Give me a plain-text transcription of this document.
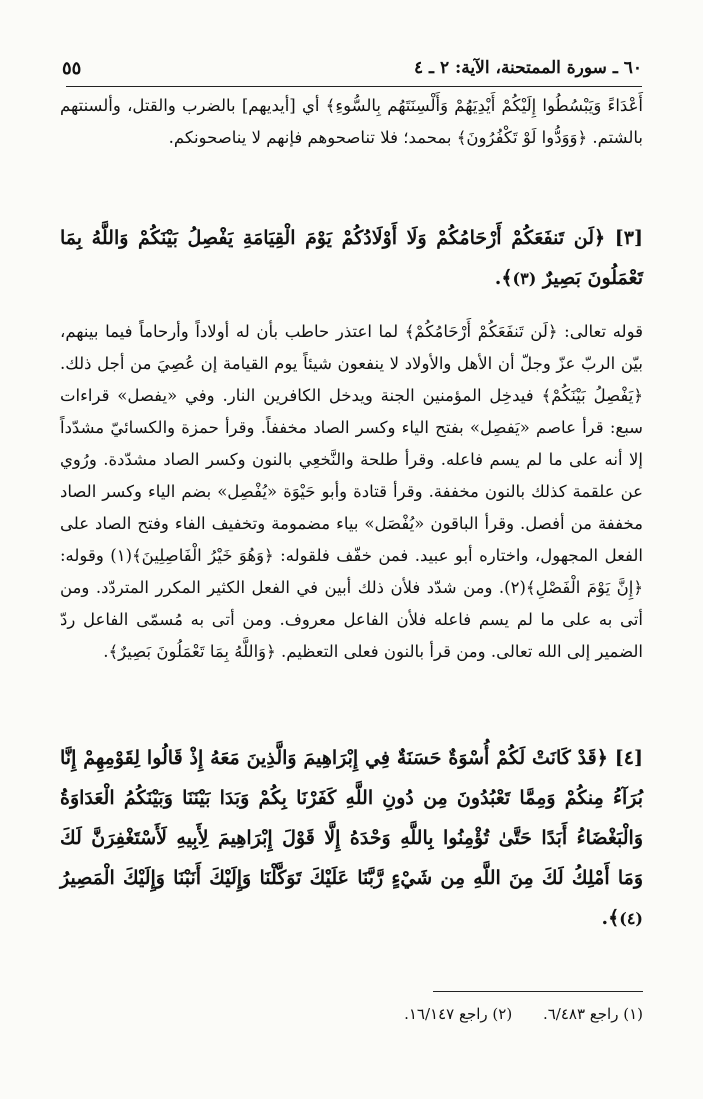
٦٠ ـ سورة الممتحنة، الآية: ٢ ـ ٤
٥٥

أَعْدَاءً وَيَبْسُطُوا إِلَيْكُمْ أَيْدِيَهُمْ وَأَلْسِنَتَهُم بِالسُّوءِ﴾ أي [أيديهم] بالضرب والقتل، وألسنتهم بالشتم. ﴿وَوَدُّوا لَوْ تَكْفُرُونَ﴾ بمحمد؛ فلا تناصحوهم فإنهم لا يناصحونكم.

[٣] ﴿لَن تَنفَعَكُمْ أَرْحَامُكُمْ وَلَا أَوْلَادُكُمْ يَوْمَ الْقِيَامَةِ يَفْصِلُ بَيْنَكُمْ وَاللَّهُ بِمَا تَعْمَلُونَ بَصِيرٌ (٣)﴾.

قوله تعالى: ﴿لَن تَنفَعَكُمْ أَرْحَامُكُمْ﴾ لما اعتذر حاطب بأن له أولاداً وأرحاماً فيما بينهم، بيّن الربّ عزّ وجلّ أن الأهل والأولاد لا ينفعون شيئاً يوم القيامة إن عُصِيَ من أجل ذلك. ﴿يَفْصِلُ بَيْنَكُمْ﴾ فيدخِل المؤمنين الجنة ويدخل الكافرين النار. وفي «يفصل» قراءات سبع: قرأ عاصم «يَفصِل» بفتح الياء وكسر الصاد مخففاً. وقرأ حمزة والكسائيّ مشدّداً إلا أنه على ما لم يسم فاعله. وقرأ طلحة والنَّخعِي بالنون وكسر الصاد مشدّدة. ورُوي عن علقمة كذلك بالنون مخففة. وقرأ قتادة وأبو حَيْوَة «يُفْصِل» بضم الياء وكسر الصاد مخففة من أفصل. وقرأ الباقون «يُفْصَل» بياء مضمومة وتخفيف الفاء وفتح الصاد على الفعل المجهول، واختاره أبو عبيد. فمن خفّف فلقوله: ﴿وَهُوَ خَيْرُ الْفَاصِلِينَ﴾(١) وقوله: ﴿إِنَّ يَوْمَ الْفَصْلِ﴾(٢). ومن شدّد فلأن ذلك أبين في الفعل الكثير المكرر المتردّد. ومن أتى به على ما لم يسم فاعله فلأن الفاعل معروف. ومن أتى به مُسمّى الفاعل ردّ الضمير إلى الله تعالى. ومن قرأ بالنون فعلى التعظيم. ﴿وَاللَّهُ بِمَا تَعْمَلُونَ بَصِيرٌ﴾.

[٤] ﴿قَدْ كَانَتْ لَكُمْ أُسْوَةٌ حَسَنَةٌ فِي إِبْرَاهِيمَ وَالَّذِينَ مَعَهُ إِذْ قَالُوا لِقَوْمِهِمْ إِنَّا بُرَآءُ مِنكُمْ وَمِمَّا تَعْبُدُونَ مِن دُونِ اللَّهِ كَفَرْنَا بِكُمْ وَبَدَا بَيْنَنَا وَبَيْنَكُمُ الْعَدَاوَةُ وَالْبَغْضَاءُ أَبَدًا حَتَّىٰ تُؤْمِنُوا بِاللَّهِ وَحْدَهُ إِلَّا قَوْلَ إِبْرَاهِيمَ لِأَبِيهِ لَأَسْتَغْفِرَنَّ لَكَ وَمَا أَمْلِكُ لَكَ مِنَ اللَّهِ مِن شَيْءٍ رَّبَّنَا عَلَيْكَ تَوَكَّلْنَا وَإِلَيْكَ أَنَبْنَا وَإِلَيْكَ الْمَصِيرُ (٤)﴾.

(١) راجع ٦/٤٨٣. (٢) راجع ١٦/١٤٧.
